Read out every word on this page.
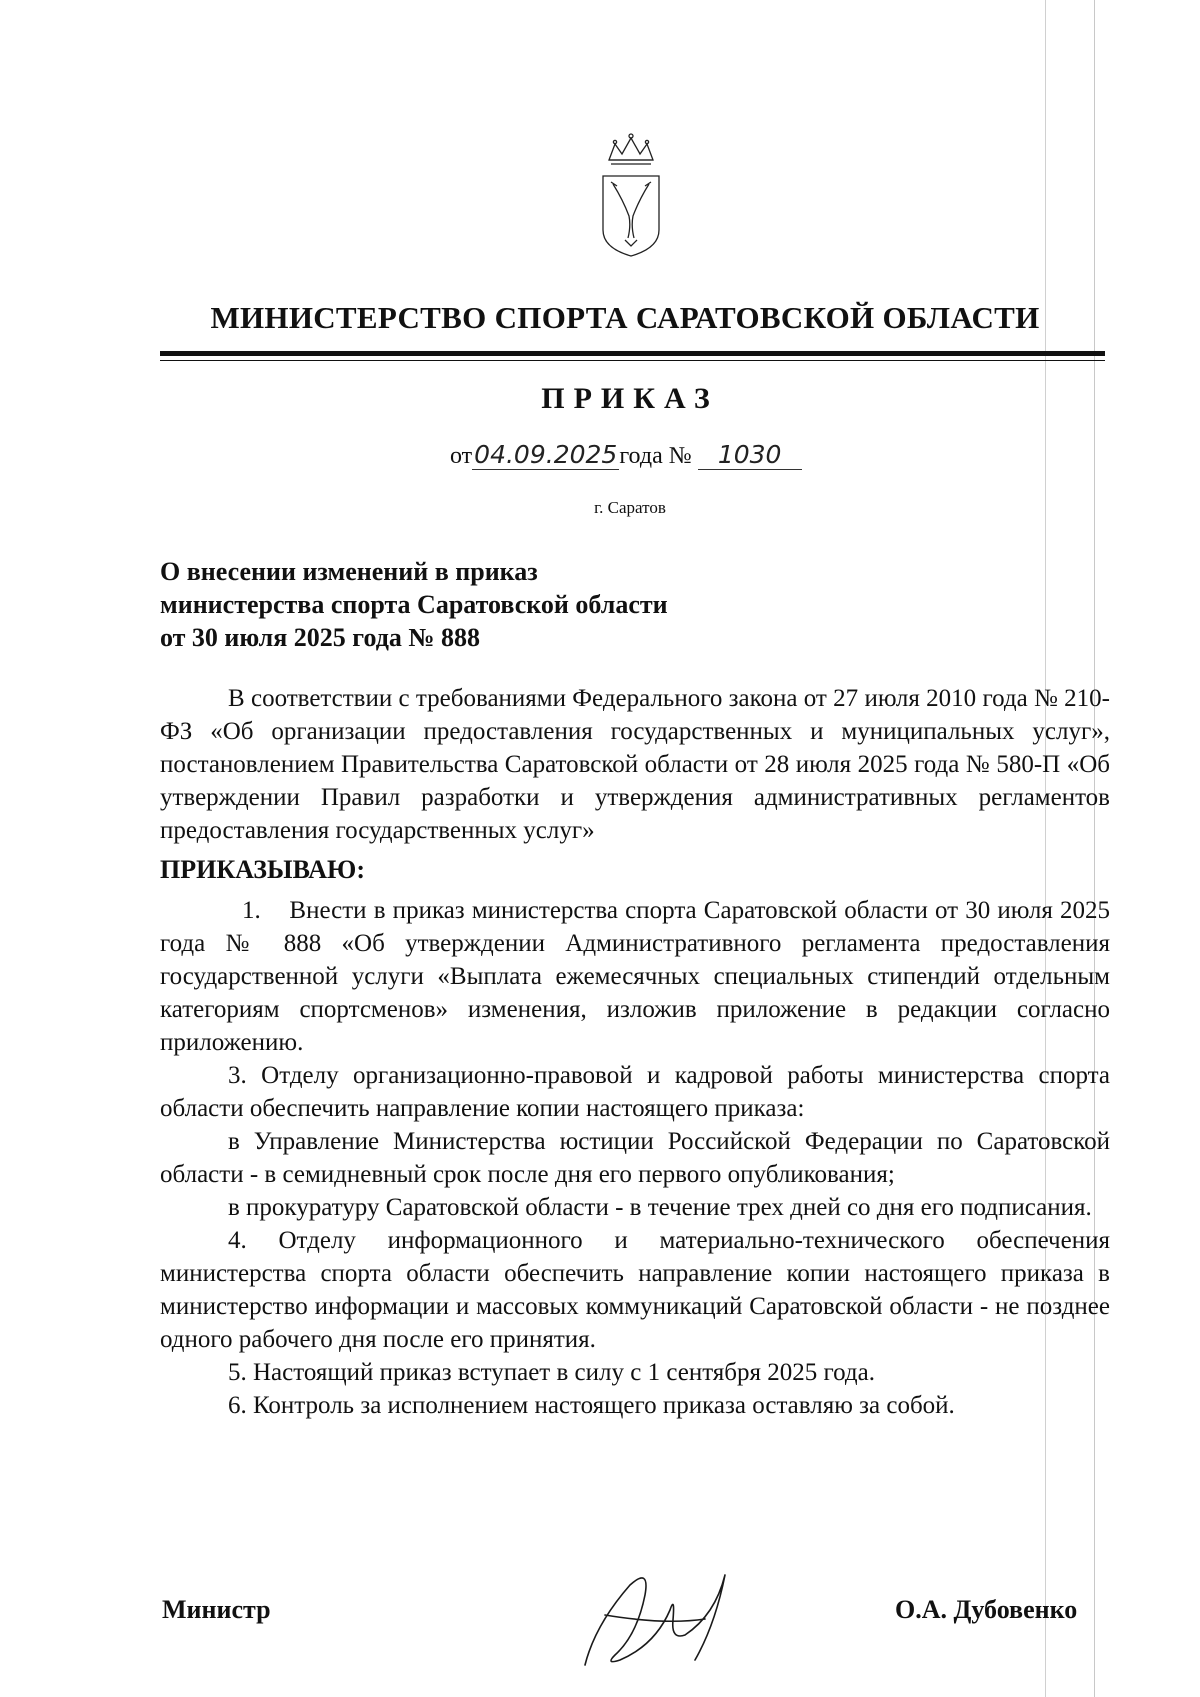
МИНИСТЕРСТВО СПОРТА САРАТОВСКОЙ ОБЛАСТИ
ПРИКАЗ
от04.09.2025года № 1030
г. Саратов
О внесении изменений в приказ
министерства спорта Саратовской области
от 30 июля 2025 года № 888

В соответствии с требованиями Федерального закона от 27 июля 2010 года № 210-ФЗ «Об организации предоставления государственных и муниципальных услуг», постановлением Правительства Саратовской области от 28 июля 2025 года № 580-П «Об утверждении Правил разработки и утверждения административных регламентов предоставления государственных услуг»

ПРИКАЗЫВАЮ:

1.    Внести в приказ министерства спорта Саратовской области от 30 июля 2025 года № 888 «Об утверждении Административного регламента предоставления государственной услуги «Выплата ежемесячных специальных стипендий отдельным категориям спортсменов» изменения, изложив приложение в редакции согласно приложению.

3. Отделу организационно-правовой и кадровой работы министерства спорта области обеспечить направление копии настоящего приказа:

в Управление Министерства юстиции Российской Федерации по Саратовской области - в семидневный срок после дня его первого опубликования;

в прокуратуру Саратовской области - в течение трех дней со дня его подписания.

4. Отделу информационного и материально-технического обеспечения министерства спорта области обеспечить направление копии настоящего приказа в министерство информации и массовых коммуникаций Саратовской области - не позднее одного рабочего дня после его принятия.

5. Настоящий приказ вступает в силу с 1 сентября 2025 года.

6. Контроль за исполнением настоящего приказа оставляю за собой.

Министр	О.А. Дубовенко
